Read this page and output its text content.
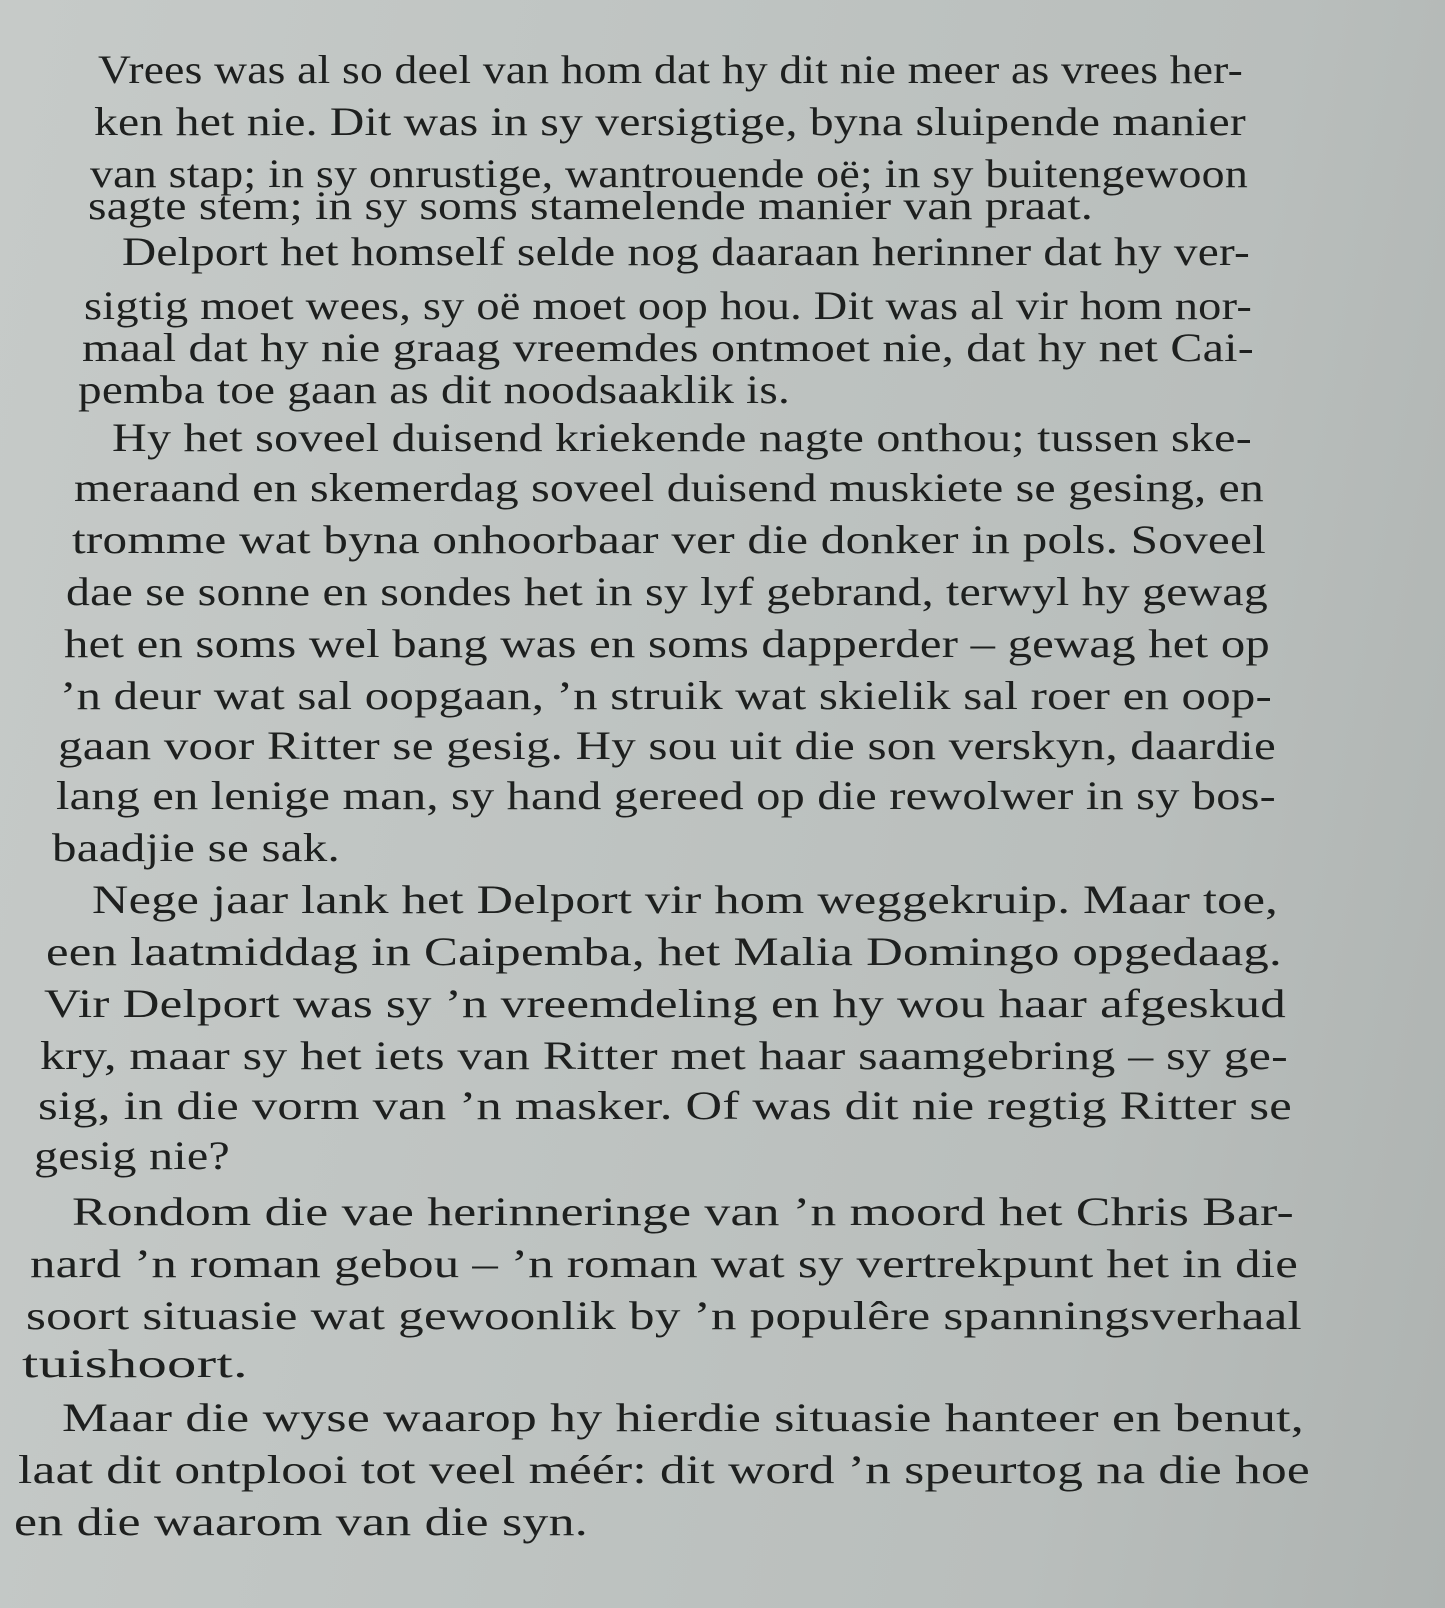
Vrees was al so deel van hom dat hy dit nie meer as vrees her-
ken het nie. Dit was in sy versigtige, byna sluipende manier
van stap; in sy onrustige, wantrouende oë; in sy buitengewoon
sagte stem; in sy soms stamelende manier van praat.
Delport het homself selde nog daaraan herinner dat hy ver-
sigtig moet wees, sy oë moet oop hou. Dit was al vir hom nor-
maal dat hy nie graag vreemdes ontmoet nie, dat hy net Cai-
pemba toe gaan as dit noodsaaklik is.
Hy het soveel duisend kriekende nagte onthou; tussen ske-
meraand en skemerdag soveel duisend muskiete se gesing, en
tromme wat byna onhoorbaar ver die donker in pols. Soveel
dae se sonne en sondes het in sy lyf gebrand, terwyl hy gewag
het en soms wel bang was en soms dapperder – gewag het op
’n deur wat sal oopgaan, ’n struik wat skielik sal roer en oop-
gaan voor Ritter se gesig. Hy sou uit die son verskyn, daardie
lang en lenige man, sy hand gereed op die rewolwer in sy bos-
baadjie se sak.
Nege jaar lank het Delport vir hom weggekruip. Maar toe,
een laatmiddag in Caipemba, het Malia Domingo opgedaag.
Vir Delport was sy ’n vreemdeling en hy wou haar afgeskud
kry, maar sy het iets van Ritter met haar saamgebring – sy ge-
sig, in die vorm van ’n masker. Of was dit nie regtig Ritter se
gesig nie?
Rondom die vae herinneringe van ’n moord het Chris Bar-
nard ’n roman gebou – ’n roman wat sy vertrekpunt het in die
soort situasie wat gewoonlik by ’n populêre spanningsverhaal
tuishoort.
Maar die wyse waarop hy hierdie situasie hanteer en benut,
laat dit ontplooi tot veel méér: dit word ’n speurtog na die hoe
en die waarom van die syn.
